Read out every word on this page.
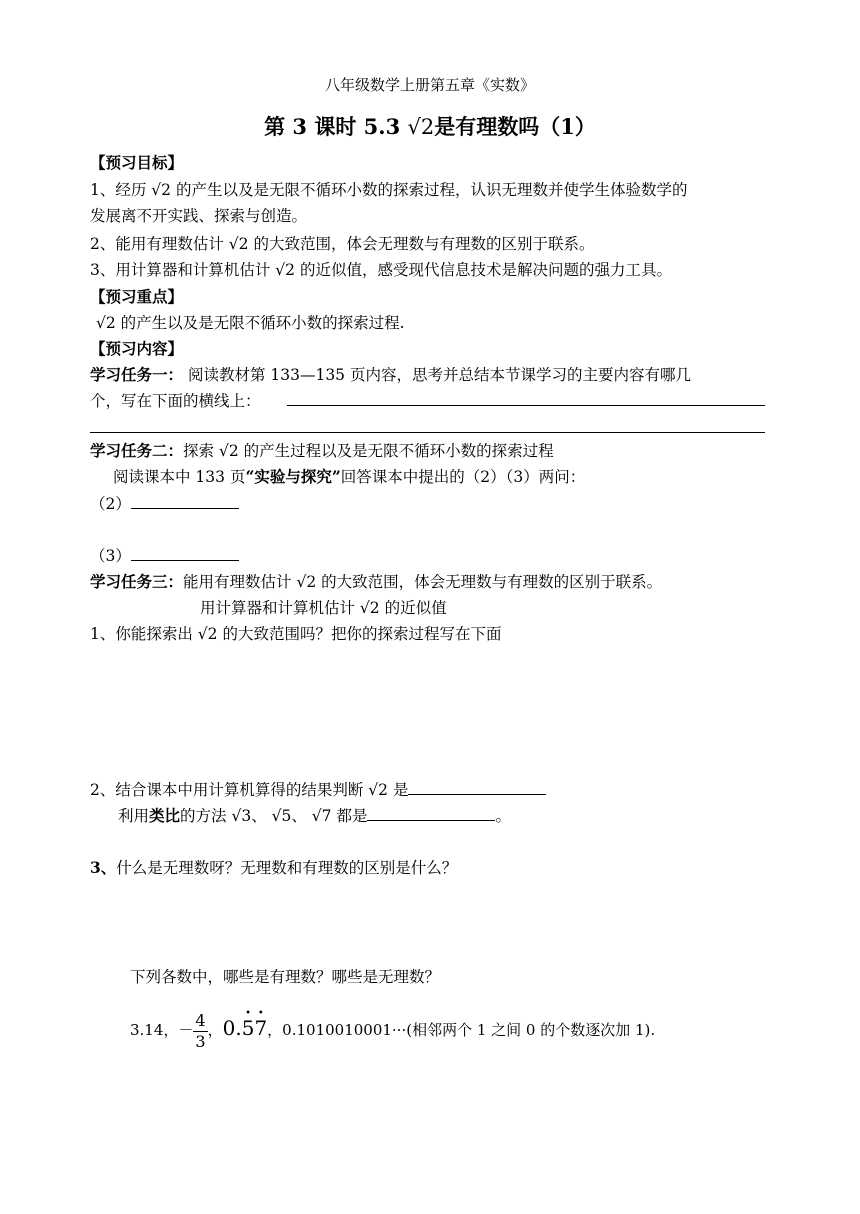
八年级数学上册第五章《实数》
第 3 课时 5.3 √2是有理数吗（1）
【预习目标】
1、经历 √2 的产生以及是无限不循环小数的探索过程，认识无理数并使学生体验数学的
发展离不开实践、探索与创造。
2、能用有理数估计 √2 的大致范围，体会无理数与有理数的区别于联系。
3、用计算器和计算机估计 √2 的近似值，感受现代信息技术是解决问题的强力工具。
【预习重点】
√2 的产生以及是无限不循环小数的探索过程.
【预习内容】
学习任务一： 阅读教材第 133—135 页内容，思考并总结本节课学习的主要内容有哪几
个，写在下面的横线上：
学习任务二：探索 √2 的产生过程以及是无限不循环小数的探索过程
阅读课本中 133 页“实验与探究”回答课本中提出的（2）（3）两问：
（2）
（3）
学习任务三：能用有理数估计 √2 的大致范围，体会无理数与有理数的区别于联系。
用计算器和计算机估计 √2 的近似值
1、你能探索出 √2 的大致范围吗？把你的探索过程写在下面
2、结合课本中用计算机算得的结果判断 √2 是
利用类比的方法 √3、 √5、 √7 都是	。
3、什么是无理数呀？无理数和有理数的区别是什么？
下列各数中，哪些是有理数？哪些是无理数？
3.14，－ $\frac{4}{3}$ ，0.• 5• 7，0.1010010001···(相邻两个 1 之间 0 的个数逐次加 1).
